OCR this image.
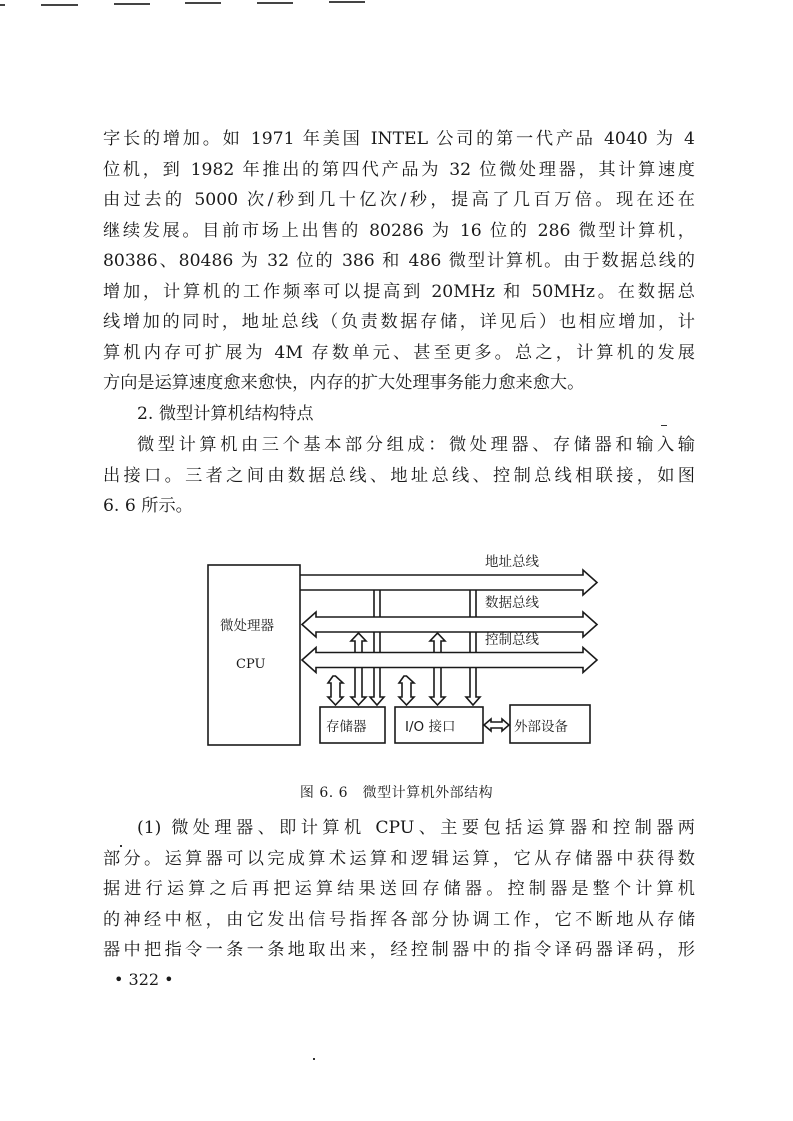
字长的增加。如 1971 年美国 INTEL 公司的第一代产品 4040 为 4
位机，到 1982 年推出的第四代产品为 32 位微处理器，其计算速度
由过去的 5000 次/秒到几十亿次/秒，提高了几百万倍。现在还在
继续发展。目前市场上出售的 80286 为 16 位的 286 微型计算机，
80386、80486 为 32 位的 386 和 486 微型计算机。由于数据总线的
增加，计算机的工作频率可以提高到 20MHz 和 50MHz。在数据总
线增加的同时，地址总线（负责数据存储，详见后）也相应增加，计
算机内存可扩展为 4M 存数单元、甚至更多。总之，计算机的发展
方向是运算速度愈来愈快，内存的扩大处理事务能力愈来愈大。
2. 微型计算机结构特点
微型计算机由三个基本部分组成：微处理器、存储器和输入输
出接口。三者之间由数据总线、地址总线、控制总线相联接，如图
6. 6 所示。
地址总线
数据总线
控制总线
微处理器
CPU
存储器	I/O 接口	外部设备
图 6. 6　微型计算机外部结构
(1) 微处理器、即计算机 CPU、主要包括运算器和控制器两
部分。运算器可以完成算术运算和逻辑运算，它从存储器中获得数
据进行运算之后再把运算结果送回存储器。控制器是整个计算机
的神经中枢，由它发出信号指挥各部分协调工作，它不断地从存储
器中把指令一条一条地取出来，经控制器中的指令译码器译码，形
• 322 •
